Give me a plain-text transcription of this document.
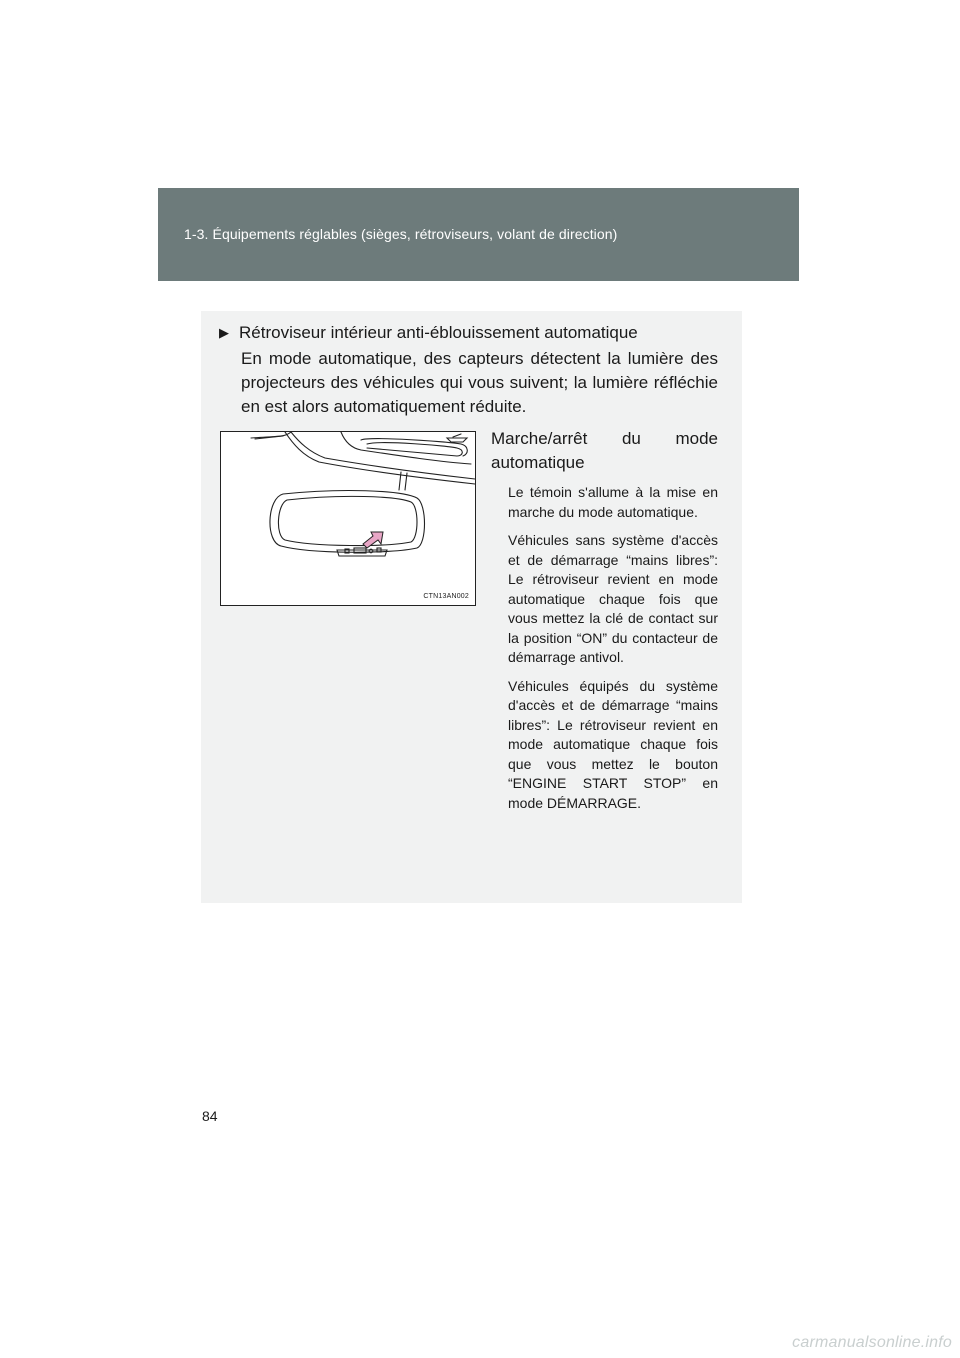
1-3. Équipements réglables (sièges, rétroviseurs, volant de direction)
▶ Rétroviseur intérieur anti-éblouissement automatique
En mode automatique, des capteurs détectent la lumière des projecteurs des véhicules qui vous suivent; la lumière réfléchie en est alors automatiquement réduite.
CTN13AN002
Marche/arrêt du mode automatique

Le témoin s'allume à la mise en marche du mode automatique.

Véhicules sans système d'accès et de démarrage “mains libres”: Le rétroviseur revient en mode automatique chaque fois que vous mettez la clé de contact sur la position “ON” du contacteur de démarrage antivol.

Véhicules équipés du système d'accès et de démarrage “mains libres”: Le rétroviseur revient en mode automatique chaque fois que vous mettez le bouton “ENGINE START STOP” en mode DÉMARRAGE.

84
carmanualsonline.info
